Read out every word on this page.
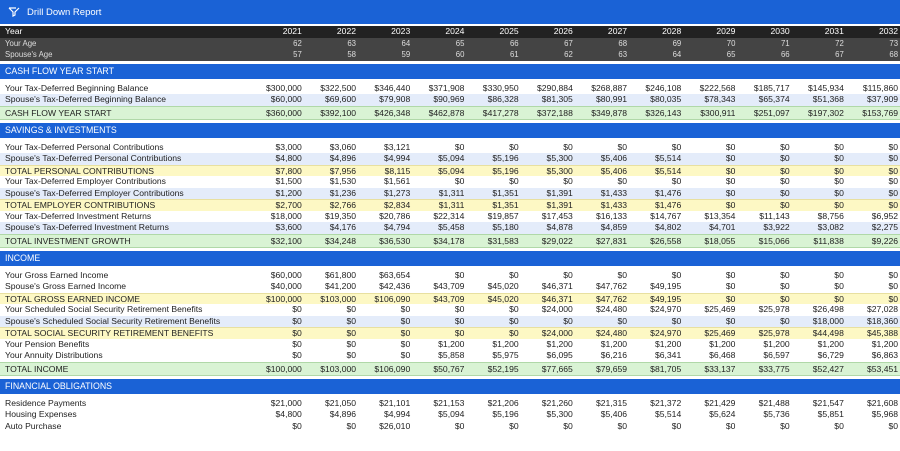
Drill Down Report
Year	2021	2022	2023	2024	2025	2026	2027	2028	2029	2030	2031	2032
Your Age	62	63	64	65	66	67	68	69	70	71	72	73
Spouse's Age	57	58	59	60	61	62	63	64	65	66	67	68
CASH FLOW YEAR START
Your Tax-Deferred Beginning Balance	$300,000	$322,500	$346,440	$371,908	$330,950	$290,884	$268,887	$246,108	$222,568	$185,717	$145,934	$115,860
Spouse's Tax-Deferred Beginning Balance	$60,000	$69,600	$79,908	$90,969	$86,328	$81,305	$80,991	$80,035	$78,343	$65,374	$51,368	$37,909
CASH FLOW YEAR START	$360,000	$392,100	$426,348	$462,878	$417,278	$372,188	$349,878	$326,143	$300,911	$251,097	$197,302	$153,769
SAVINGS & INVESTMENTS
Your Tax-Deferred Personal Contributions	$3,000	$3,060	$3,121	$0	$0	$0	$0	$0	$0	$0	$0	$0
Spouse's Tax-Deferred Personal Contributions	$4,800	$4,896	$4,994	$5,094	$5,196	$5,300	$5,406	$5,514	$0	$0	$0	$0
TOTAL PERSONAL CONTRIBUTIONS	$7,800	$7,956	$8,115	$5,094	$5,196	$5,300	$5,406	$5,514	$0	$0	$0	$0
Your Tax-Deferred Employer Contributions	$1,500	$1,530	$1,561	$0	$0	$0	$0	$0	$0	$0	$0	$0
Spouse's Tax-Deferred Employer Contributions	$1,200	$1,236	$1,273	$1,311	$1,351	$1,391	$1,433	$1,476	$0	$0	$0	$0
TOTAL EMPLOYER CONTRIBUTIONS	$2,700	$2,766	$2,834	$1,311	$1,351	$1,391	$1,433	$1,476	$0	$0	$0	$0
Your Tax-Deferred Investment Returns	$18,000	$19,350	$20,786	$22,314	$19,857	$17,453	$16,133	$14,767	$13,354	$11,143	$8,756	$6,952
Spouse's Tax-Deferred Investment Returns	$3,600	$4,176	$4,794	$5,458	$5,180	$4,878	$4,859	$4,802	$4,701	$3,922	$3,082	$2,275
TOTAL INVESTMENT GROWTH	$32,100	$34,248	$36,530	$34,178	$31,583	$29,022	$27,831	$26,558	$18,055	$15,066	$11,838	$9,226
INCOME
Your Gross Earned Income	$60,000	$61,800	$63,654	$0	$0	$0	$0	$0	$0	$0	$0	$0
Spouse's Gross Earned Income	$40,000	$41,200	$42,436	$43,709	$45,020	$46,371	$47,762	$49,195	$0	$0	$0	$0
TOTAL GROSS EARNED INCOME	$100,000	$103,000	$106,090	$43,709	$45,020	$46,371	$47,762	$49,195	$0	$0	$0	$0
Your Scheduled Social Security Retirement Benefits	$0	$0	$0	$0	$0	$24,000	$24,480	$24,970	$25,469	$25,978	$26,498	$27,028
Spouse's Scheduled Social Security Retirement Benefits	$0	$0	$0	$0	$0	$0	$0	$0	$0	$0	$18,000	$18,360
TOTAL SOCIAL SECURITY RETIREMENT BENEFITS	$0	$0	$0	$0	$0	$24,000	$24,480	$24,970	$25,469	$25,978	$44,498	$45,388
Your Pension Benefits	$0	$0	$0	$1,200	$1,200	$1,200	$1,200	$1,200	$1,200	$1,200	$1,200	$1,200
Your Annuity Distributions	$0	$0	$0	$5,858	$5,975	$6,095	$6,216	$6,341	$6,468	$6,597	$6,729	$6,863
TOTAL INCOME	$100,000	$103,000	$106,090	$50,767	$52,195	$77,665	$79,659	$81,705	$33,137	$33,775	$52,427	$53,451
FINANCIAL OBLIGATIONS
Residence Payments	$21,000	$21,050	$21,101	$21,153	$21,206	$21,260	$21,315	$21,372	$21,429	$21,488	$21,547	$21,608
Housing Expenses	$4,800	$4,896	$4,994	$5,094	$5,196	$5,300	$5,406	$5,514	$5,624	$5,736	$5,851	$5,968
Auto Purchase	$0	$0	$26,010	$0	$0	$0	$0	$0	$0	$0	$0	$0
